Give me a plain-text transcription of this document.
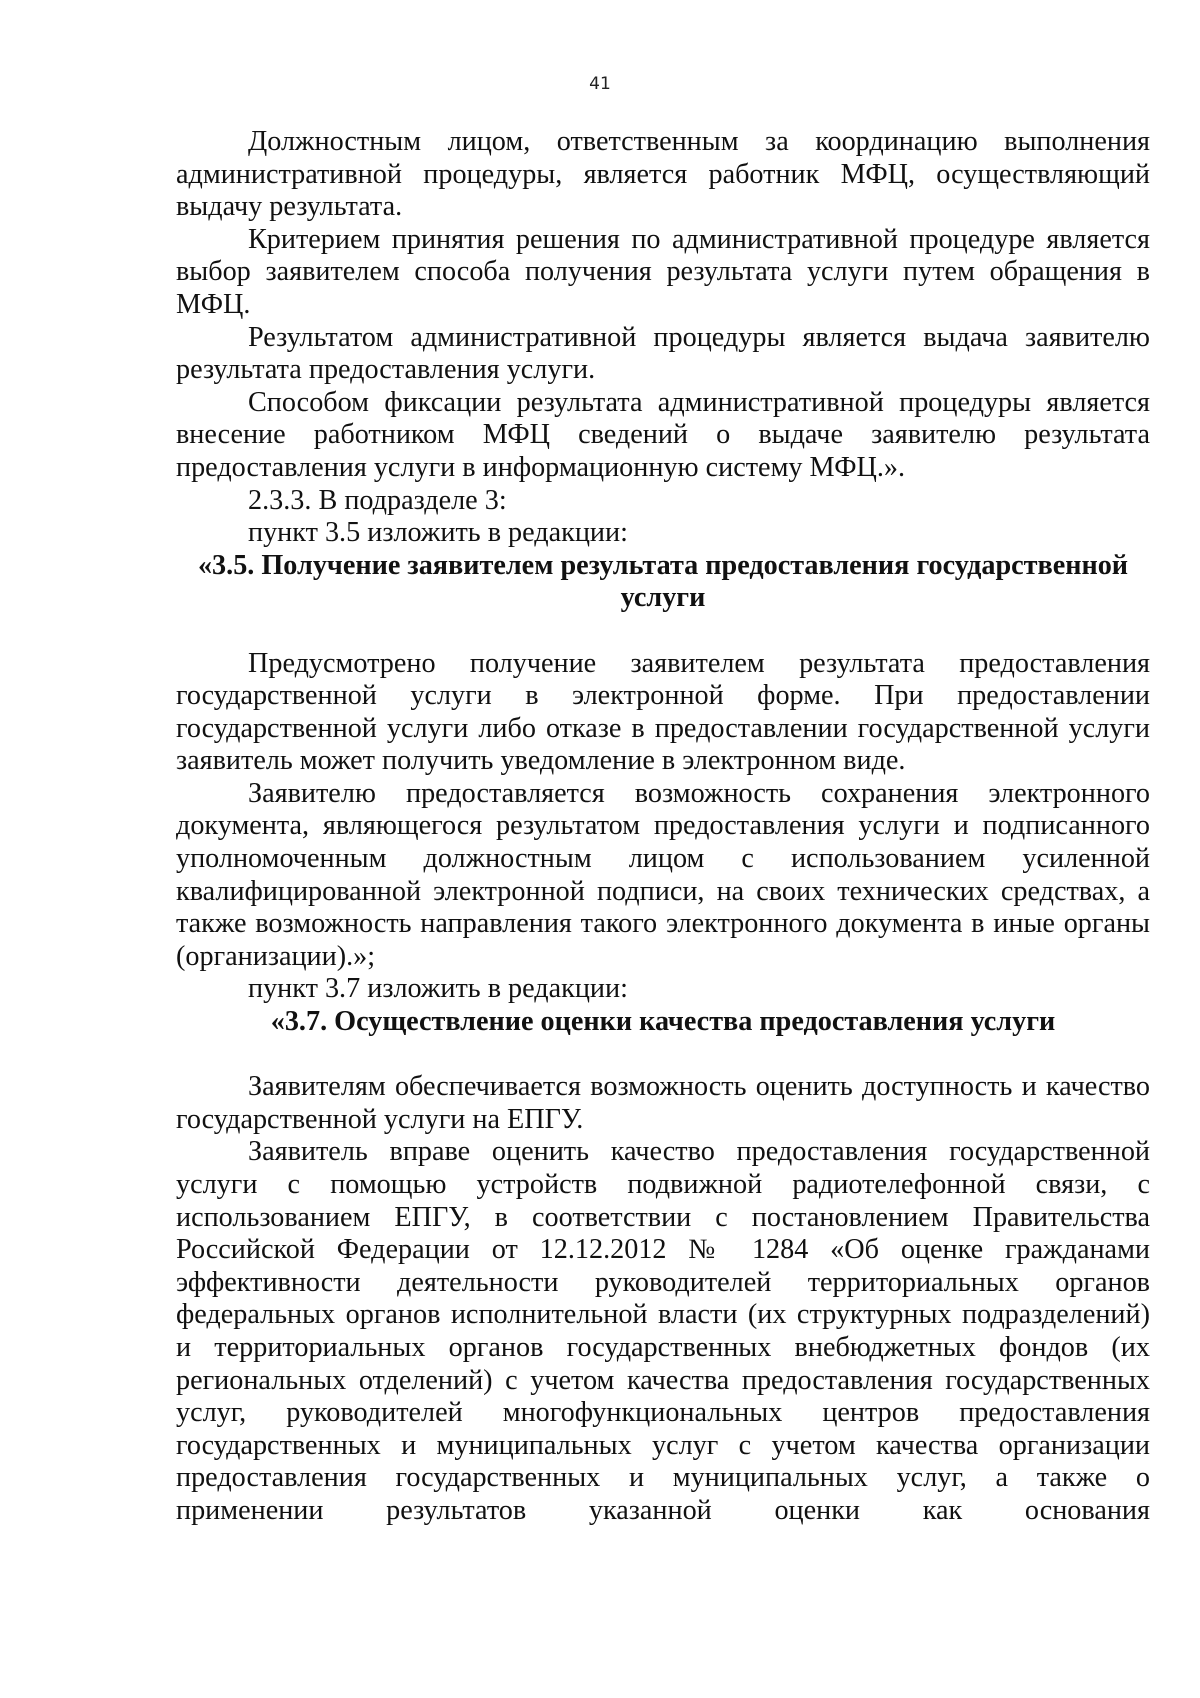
41

Должностным лицом, ответственным за координацию выполнения административной процедуры, является работник МФЦ, осуществляющий выдачу результата.

Критерием принятия решения по административной процедуре является выбор заявителем способа получения результата услуги путем обращения в МФЦ.

Результатом административной процедуры является выдача заявителю результата предоставления услуги.

Способом фиксации результата административной процедуры является внесение работником МФЦ сведений о выдаче заявителю результата предоставления услуги в информационную систему МФЦ.».

2.3.3. В подразделе 3:

пункт 3.5 изложить в редакции:

«3.5. Получение заявителем результата предоставления государственной услуги

Предусмотрено получение заявителем результата предоставления государственной услуги в электронной форме. При предоставлении государственной услуги либо отказе в предоставлении государственной услуги заявитель может получить уведомление в электронном виде.

Заявителю предоставляется возможность сохранения электронного документа, являющегося результатом предоставления услуги и подписанного уполномоченным должностным лицом с использованием усиленной квалифицированной электронной подписи, на своих технических средствах, а также возможность направления такого электронного документа в иные органы (организации).»;

пункт 3.7 изложить в редакции:

«3.7. Осуществление оценки качества предоставления услуги

Заявителям обеспечивается возможность оценить доступность и качество государственной услуги на ЕПГУ.

Заявитель вправе оценить качество предоставления государственной услуги с помощью устройств подвижной радиотелефонной связи, с использованием ЕПГУ, в соответствии с постановлением Правительства Российской Федерации от 12.12.2012 № 1284 «Об оценке гражданами эффективности деятельности руководителей территориальных органов федеральных органов исполнительной власти (их структурных подразделений) и территориальных органов государственных внебюджетных фондов (их региональных отделений) с учетом качества предоставления государственных услуг, руководителей многофункциональных центров предоставления государственных и муниципальных услуг с учетом качества организации предоставления государственных и муниципальных услуг, а также о применении результатов указанной оценки как основания
